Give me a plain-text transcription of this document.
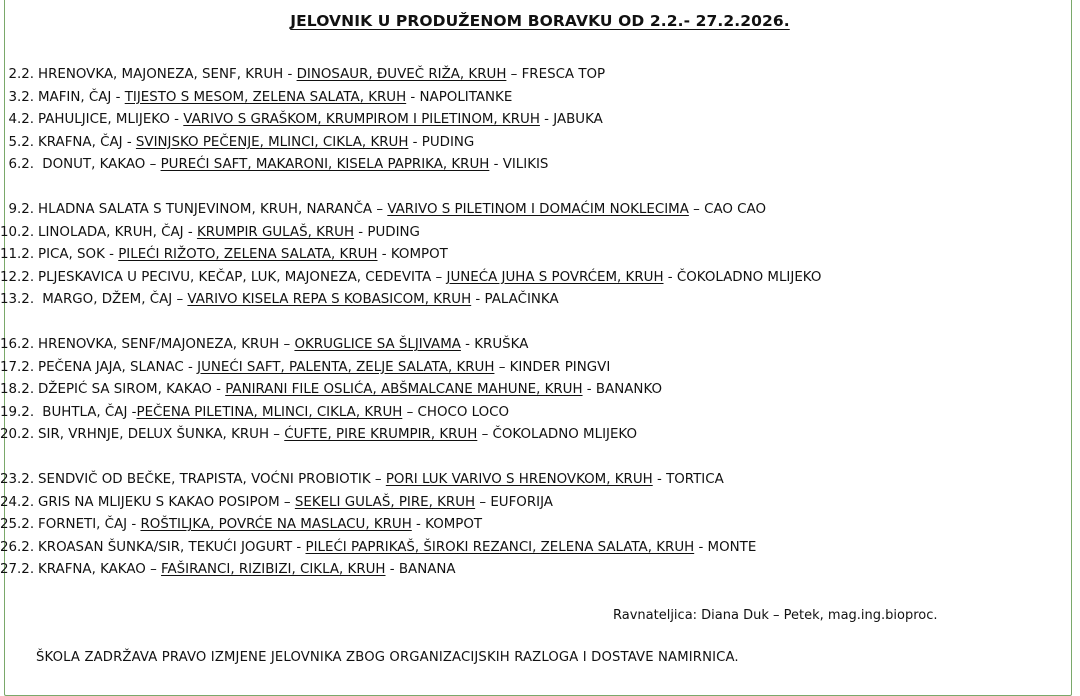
JELOVNIK U PRODUŽENOM BORAVKU OD 2.2.- 27.2.2026.
2.2. HRENOVKA, MAJONEZA, SENF, KRUH - DINOSAUR, ĐUVEČ RIŽA, KRUH – FRESCA TOP
3.2. MAFIN, ČAJ - TIJESTO S MESOM, ZELENA SALATA, KRUH - NAPOLITANKE
4.2. PAHULJICE, MLIJEKO - VARIVO S GRAŠKOM, KRUMPIROM I PILETINOM, KRUH - JABUKA
5.2. KRAFNA, ČAJ - SVINJSKO PEČENJE, MLINCI, CIKLA, KRUH - PUDING
6.2. DONUT, KAKAO – PUREĆI SAFT, MAKARONI, KISELA PAPRIKA, KRUH - VILIKIS
9.2. HLADNA SALATA S TUNJEVINOM, KRUH, NARANČA – VARIVO S PILETINOM I DOMAĆIM NOKLECIMA – CAO CAO
10.2. LINOLADA, KRUH, ČAJ - KRUMPIR GULAŠ, KRUH - PUDING
11.2. PICA, SOK - PILEĆI RIŽOTO, ZELENA SALATA, KRUH - KOMPOT
12.2. PLJESKAVICA U PECIVU, KEČAP, LUK, MAJONEZA, CEDEVITA – JUNEĆA JUHA S POVRĆEM, KRUH - ČOKOLADNO MLIJEKO
13.2. MARGO, DŽEM, ČAJ – VARIVO KISELA REPA S KOBASICOM, KRUH - PALAČINKA
16.2. HRENOVKA, SENF/MAJONEZA, KRUH – OKRUGLICE SA ŠLJIVAMA - KRUŠKA
17.2. PEČENA JAJA, SLANAC - JUNEĆI SAFT, PALENTA, ZELJE SALATA, KRUH – KINDER PINGVI
18.2. DŽEPIĆ SA SIROM, KAKAO - PANIRANI FILE OSLIĆA, ABŠMALCANE MAHUNE, KRUH - BANANKO
19.2. BUHTLA, ČAJ -PEČENA PILETINA, MLINCI, CIKLA, KRUH – CHOCO LOCO
20.2. SIR, VRHNJE, DELUX ŠUNKA, KRUH – ĆUFTE, PIRE KRUMPIR, KRUH – ČOKOLADNO MLIJEKO
23.2. SENDVIČ OD BEČKE, TRAPISTA, VOĆNI PROBIOTIK – PORI LUK VARIVO S HRENOVKOM, KRUH - TORTICA
24.2. GRIS NA MLIJEKU S KAKAO POSIPOM – SEKELI GULAŠ, PIRE, KRUH – EUFORIJA
25.2. FORNETI, ČAJ - ROŠTILJKA, POVRĆE NA MASLACU, KRUH - KOMPOT
26.2. KROASAN ŠUNKA/SIR, TEKUĆI JOGURT - PILEĆI PAPRIKAŠ, ŠIROKI REZANCI, ZELENA SALATA, KRUH - MONTE
27.2. KRAFNA, KAKAO – FAŠIRANCI, RIZIBIZI, CIKLA, KRUH - BANANA
Ravnateljica: Diana Duk – Petek, mag.ing.bioproc.
ŠKOLA ZADRŽAVA PRAVO IZMJENE JELOVNIKA ZBOG ORGANIZACIJSKIH RAZLOGA I DOSTAVE NAMIRNICA.
